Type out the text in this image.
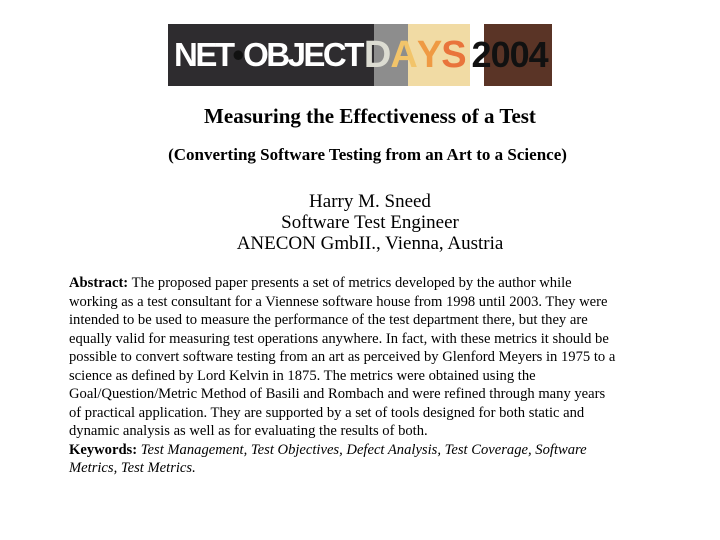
NET • OBJECT D A Y S 2004
Measuring the Effectiveness of a Test
(Converting Software Testing from an Art to a Science)
Harry M. Sneed
Software Test Engineer
ANECON GmbII., Vienna, Austria
Abstract: The proposed paper presents a set of metrics developed by the author while
working as a test consultant for a Viennese software house from 1998 until 2003. They were
intended to be used to measure the performance of the test department there, but they are
equally valid for measuring test operations anywhere. In fact, with these metrics it should be
possible to convert software testing from an art as perceived by Glenford Meyers in 1975 to a
science as defined by Lord Kelvin in 1875. The metrics were obtained using the
Goal/Question/Metric Method of Basili and Rombach and were refined through many years
of practical application. They are supported by a set of tools designed for both static and
dynamic analysis as well as for evaluating the results of both.
Keywords: Test Management, Test Objectives, Defect Analysis, Test Coverage, Software
Metrics, Test Metrics.
